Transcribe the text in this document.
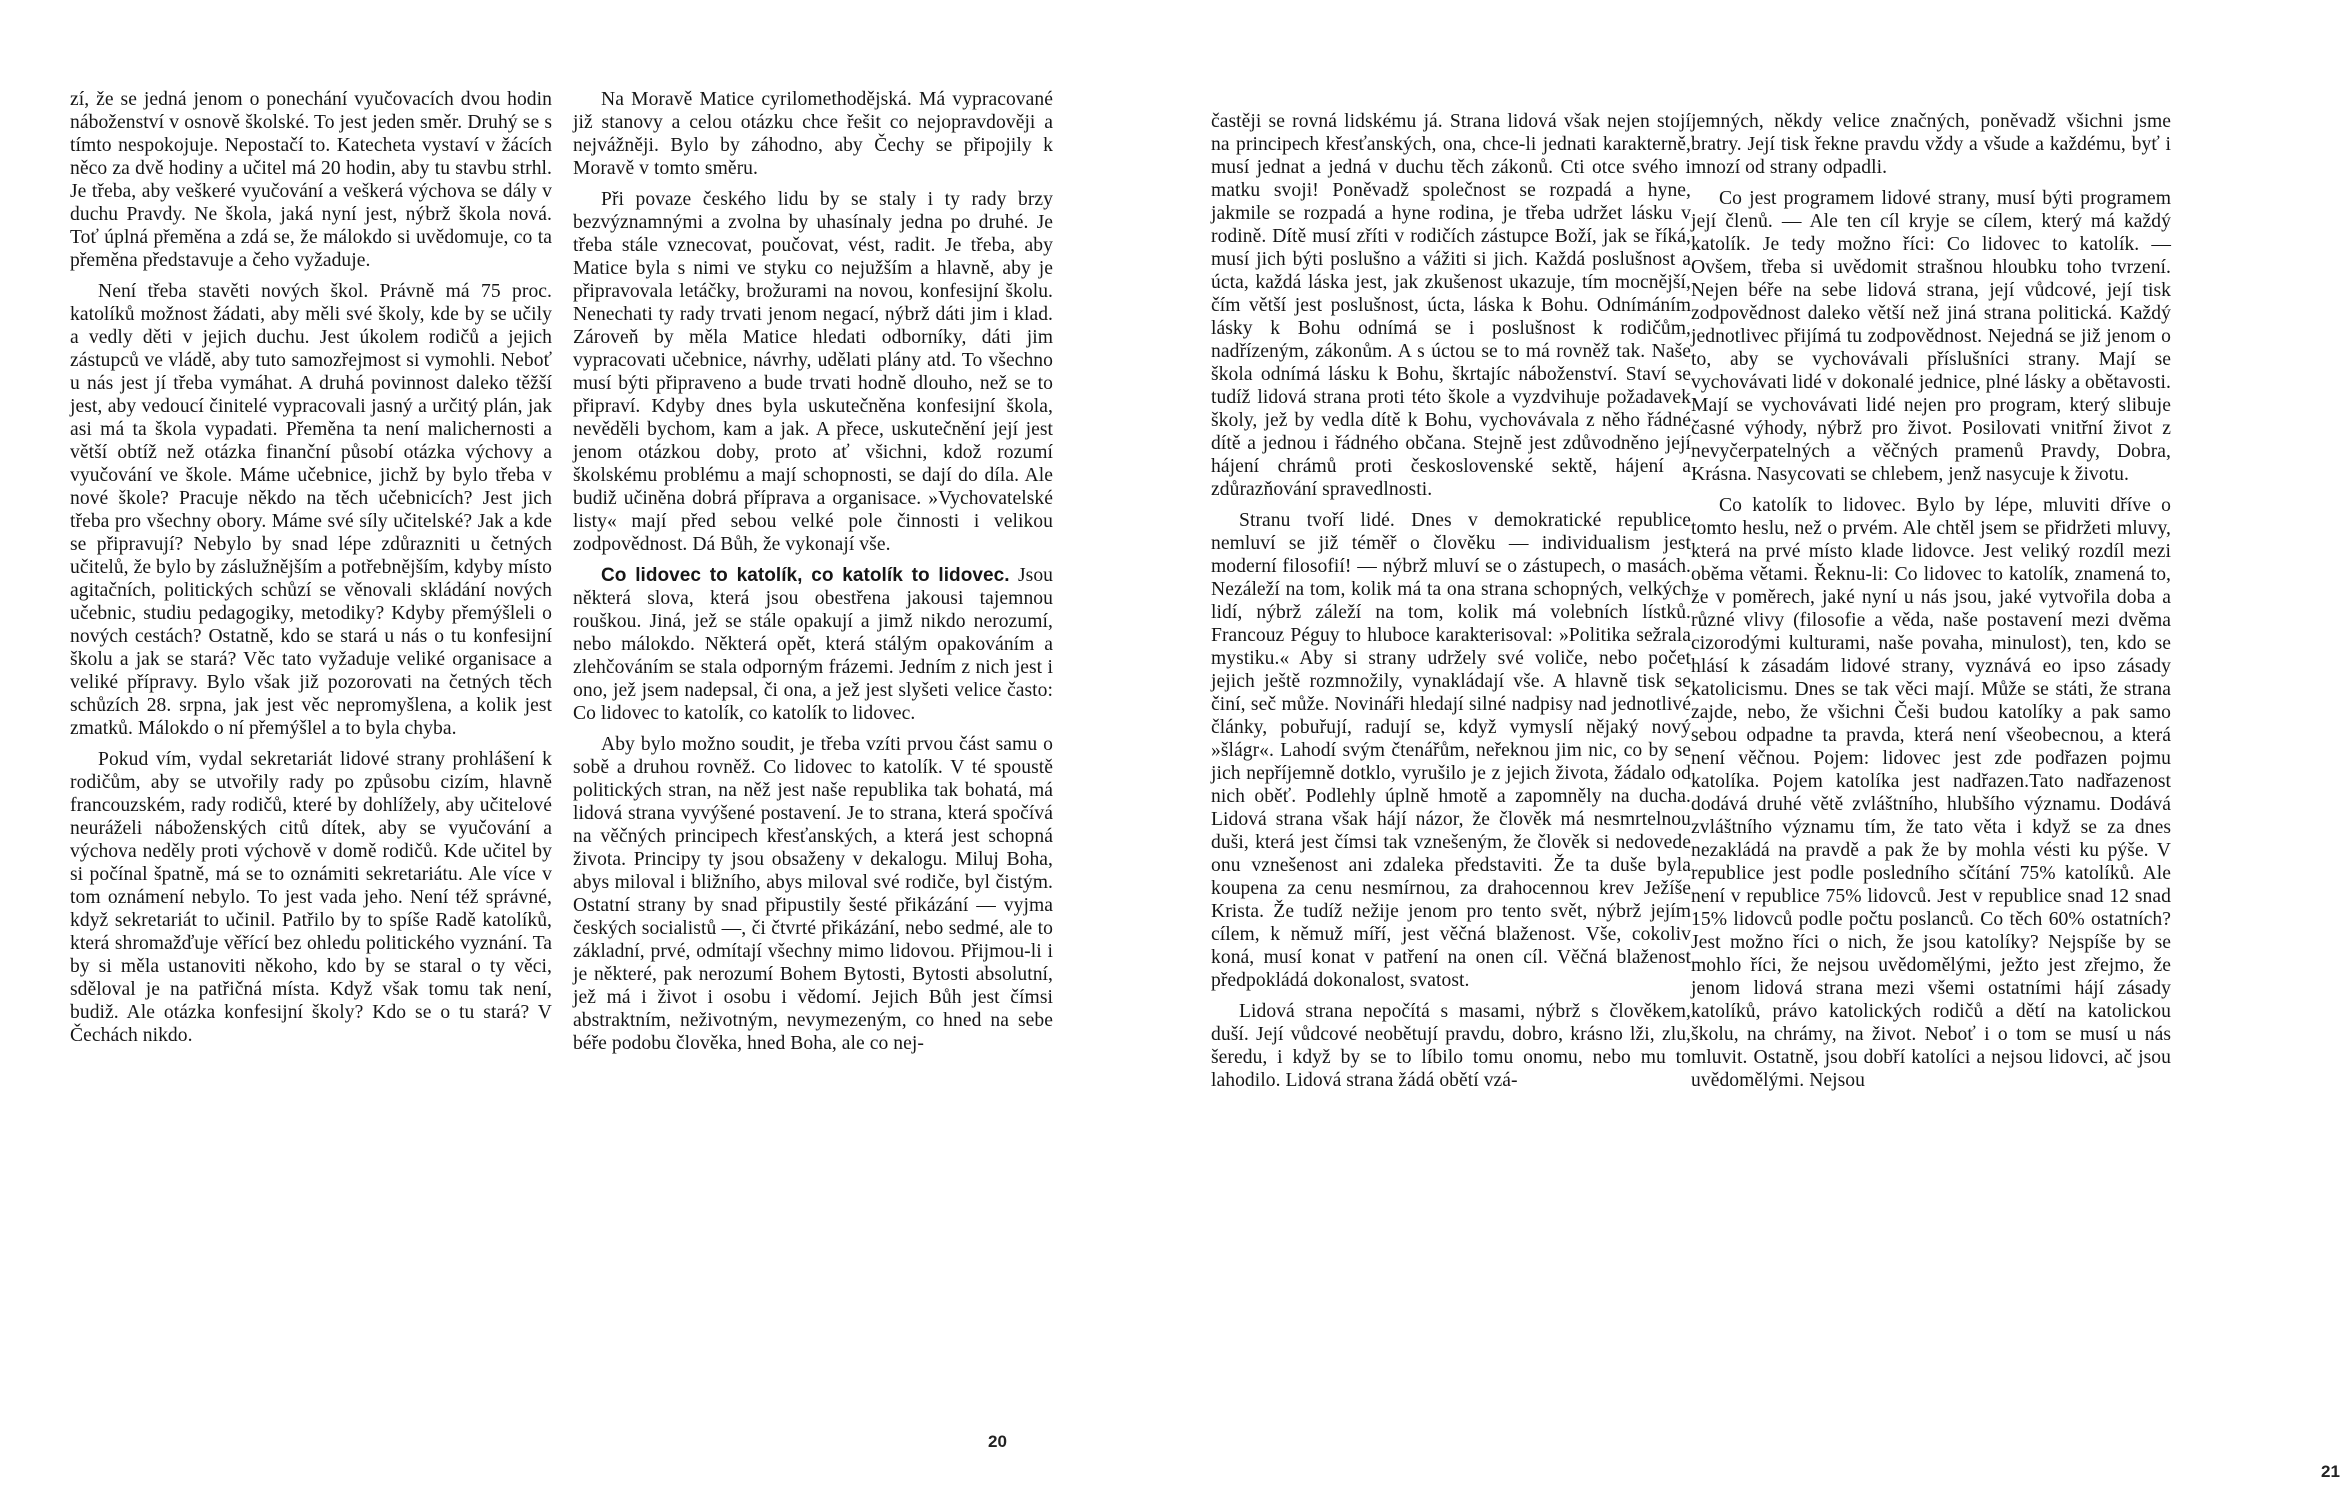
zí, že se jedná jenom o ponechání vyučovacích dvou hodin náboženství v osnově školské. To jest jeden směr. Druhý se s tímto nespokojuje. Nepostačí to. Katecheta vystaví v žácích něco za dvě hodiny a učitel má 20 hodin, aby tu stavbu strhl. Je třeba, aby veškeré vyučování a veškerá výchova se dály v duchu Pravdy. Ne škola, jaká nyní jest, nýbrž škola nová. Toť úplná přeměna a zdá se, že málokdo si uvědomuje, co ta přeměna představuje a čeho vyžaduje.

Není třeba stavěti nových škol. Právně má 75 proc. katolíků možnost žádati, aby měli své školy, kde by se učily a vedly děti v jejich duchu. Jest úkolem rodičů a jejich zástupců ve vládě, aby tuto samozřejmost si vymohli. Neboť u nás jest jí třeba vymáhat. A druhá povinnost daleko těžší jest, aby vedoucí činitelé vypracovali jasný a určitý plán, jak asi má ta škola vypadati. Přeměna ta není malichernosti a větší obtíž než otázka finanční působí otázka výchovy a vyučování ve škole. Máme učebnice, jichž by bylo třeba v nové škole? Pracuje někdo na těch učebnicích? Jest jich třeba pro všechny obory. Máme své síly učitelské? Jak a kde se připravují? Nebylo by snad lépe zdůrazniti u četných učitelů, že bylo by záslužnějším a potřebnějším, kdyby místo agitačních, politických schůzí se věnovali skládání nových učebnic, studiu pedagogiky, metodiky? Kdyby přemýšleli o nových cestách? Ostatně, kdo se stará u nás o tu konfesijní školu a jak se stará? Věc tato vyžaduje veliké organisace a veliké přípravy. Bylo však již pozorovati na četných těch schůzích 28. srpna, jak jest věc nepromyšlena, a kolik jest zmatků. Málokdo o ní přemýšlel a to byla chyba.

Pokud vím, vydal sekretariát lidové strany prohlášení k rodičům, aby se utvořily rady po způsobu cizím, hlavně francouzském, rady rodičů, které by dohlížely, aby učitelové neuráželi náboženských citů dítek, aby se vyučování a výchova neděly proti výchově v domě rodičů. Kde učitel by si počínal špatně, má se to oznámiti sekretariátu. Ale více v tom oznámení nebylo. To jest vada jeho. Není též správné, když sekretariát to učinil. Patřilo by to spíše Radě katolíků, která shromažďuje věřící bez ohledu politického vyznání. Ta by si měla ustanoviti někoho, kdo by se staral o ty věci, sděloval je na patřičná místa. Když však tomu tak není, budiž. Ale otázka konfesijní školy? Kdo se o tu stará? V Čechách nikdo.

Na Moravě Matice cyrilomethodějská. Má vypracované již stanovy a celou otázku chce řešit co nejopravdověji a nejvážněji. Bylo by záhodno, aby Čechy se připojily k Moravě v tomto směru.

Při povaze českého lidu by se staly i ty rady brzy bezvýznamnými a zvolna by uhasínaly jedna po druhé. Je třeba stále vznecovat, poučovat, vést, radit. Je třeba, aby Matice byla s nimi ve styku co nejužším a hlavně, aby je připravovala letáčky, brožurami na novou, konfesijní školu. Nenechati ty rady trvati jenom negací, nýbrž dáti jim i klad. Zároveň by měla Matice hledati odborníky, dáti jim vypracovati učebnice, návrhy, udělati plány atd. To všechno musí býti připraveno a bude trvati hodně dlouho, než se to připraví. Kdyby dnes byla uskutečněna konfesijní škola, nevěděli bychom, kam a jak. A přece, uskutečnění její jest jenom otázkou doby, proto ať všichni, kdož rozumí školskému problému a mají schopnosti, se dají do díla. Ale budiž učiněna dobrá příprava a organisace. »Vychovatelské listy« mají před sebou velké pole činnosti i velikou zodpovědnost. Dá Bůh, že vykonají vše.

Co lidovec to katolík, co katolík to lidovec. Jsou některá slova, která jsou obestřena jakousi tajemnou rouškou. Jiná, jež se stále opakují a jimž nikdo nerozumí, nebo málokdo. Některá opět, která stálým opakováním a zlehčováním se stala odporným frázemi. Jedním z nich jest i ono, jež jsem nadepsal, či ona, a jež jest slyšeti velice často: Co lidovec to katolík, co katolík to lidovec.

Aby bylo možno soudit, je třeba vzíti prvou část samu o sobě a druhou rovněž. Co lidovec to katolík. V té spoustě politických stran, na něž jest naše republika tak bohatá, má lidová strana vyvýšené postavení. Je to strana, která spočívá na věčných principech křesťanských, a která jest schopná života. Principy ty jsou obsaženy v dekalogu. Miluj Boha, abys miloval i bližního, abys miloval své rodiče, byl čistým. Ostatní strany by snad připustily šesté přikázání — vyjma českých socialistů —, či čtvrté přikázání, nebo sedmé, ale to základní, prvé, odmítají všechny mimo lidovou. Přijmou-li i je některé, pak nerozumí Bohem Bytosti, Bytosti absolutní, jež má i život i osobu i vědomí. Jejich Bůh jest čímsi abstraktním, neživotným, nevymezeným, co hned na sebe béře podobu člověka, hned Boha, ale co nej-

20

častěji se rovná lidskému já. Strana lidová však nejen stojí na principech křesťanských, ona, chce-li jednati karakterně, musí jednat a jedná v duchu těch zákonů. Cti otce svého i matku svoji! Poněvadž společnost se rozpadá a hyne, jakmile se rozpadá a hyne rodina, je třeba udržet lásku v rodině. Dítě musí zříti v rodičích zástupce Boží, jak se říká, musí jich býti poslušno a vážiti si jich. Každá poslušnost a úcta, každá láska jest, jak zkušenost ukazuje, tím mocnější, čím větší jest poslušnost, úcta, láska k Bohu. Odnímáním lásky k Bohu odnímá se i poslušnost k rodičům, nadřízeným, zákonům. A s úctou se to má rovněž tak. Naše škola odnímá lásku k Bohu, škrtajíc náboženství. Staví se tudíž lidová strana proti této škole a vyzdvihuje požadavek školy, jež by vedla dítě k Bohu, vychovávala z něho řádné dítě a jednou i řádného občana. Stejně jest zdůvodněno její hájení chrámů proti československé sektě, hájení a zdůrazňování spravedlnosti.

Stranu tvoří lidé. Dnes v demokratické republice nemluví se již téměř o člověku — individualism jest moderní filosofií! — nýbrž mluví se o zástupech, o masách. Nezáleží na tom, kolik má ta ona strana schopných, velkých lidí, nýbrž záleží na tom, kolik má volebních lístků. Francouz Péguy to hluboce karakterisoval: »Politika sežrala mystiku.« Aby si strany udržely své voliče, nebo počet jejich ještě rozmnožily, vynakládají vše. A hlavně tisk se činí, seč může. Novináři hledají silné nadpisy nad jednotlivé články, pobuřují, radují se, když vymyslí nějaký nový »šlágr«. Lahodí svým čtenářům, neřeknou jim nic, co by se jich nepříjemně dotklo, vyrušilo je z jejich života, žádalo od nich oběť. Podlehly úplně hmotě a zapomněly na ducha. Lidová strana však hájí názor, že člověk má nesmrtelnou duši, která jest čímsi tak vznešeným, že člověk si nedovede onu vznešenost ani zdaleka představiti. Že ta duše byla koupena za cenu nesmírnou, za drahocennou krev Ježíše Krista. Že tudíž nežije jenom pro tento svět, nýbrž jejím cílem, k němuž míří, jest věčná blaženost. Vše, cokoliv koná, musí konat v patření na onen cíl. Věčná blaženost předpokládá dokonalost, svatost.

Lidová strana nepočítá s masami, nýbrž s člověkem, duší. Její vůdcové neobětují pravdu, dobro, krásno lži, zlu, šeredu, i když by se to líbilo tomu onomu, nebo mu to lahodilo. Lidová strana žádá obětí vzá-

jemných, někdy velice značných, poněvadž všichni jsme bratry. Její tisk řekne pravdu vždy a všude a každému, byť i mnozí od strany odpadli.

Co jest programem lidové strany, musí býti programem její členů. — Ale ten cíl kryje se cílem, který má každý katolík. Je tedy možno říci: Co lidovec to katolík. — Ovšem, třeba si uvědomit strašnou hloubku toho tvrzení. Nejen béře na sebe lidová strana, její vůdcové, její tisk zodpovědnost daleko větší než jiná strana politická. Každý jednotlivec přijímá tu zodpovědnost. Nejedná se již jenom o to, aby se vychovávali příslušníci strany. Mají se vychovávati lidé v dokonalé jednice, plné lásky a obětavosti. Mají se vychovávati lidé nejen pro program, který slibuje časné výhody, nýbrž pro život. Posilovati vnitřní život z nevyčerpatelných a věčných pramenů Pravdy, Dobra, Krásna. Nasycovati se chlebem, jenž nasycuje k životu.

Co katolík to lidovec. Bylo by lépe, mluviti dříve o tomto heslu, než o prvém. Ale chtěl jsem se přidržeti mluvy, která na prvé místo klade lidovce. Jest veliký rozdíl mezi oběma větami. Řeknu-li: Co lidovec to katolík, znamená to, že v poměrech, jaké nyní u nás jsou, jaké vytvořila doba a různé vlivy (filosofie a věda, naše postavení mezi dvěma cizorodými kulturami, naše povaha, minulost), ten, kdo se hlásí k zásadám lidové strany, vyznává eo ipso zásady katolicismu. Dnes se tak věci mají. Může se státi, že strana zajde, nebo, že všichni Češi budou katolíky a pak samo sebou odpadne ta pravda, která není všeobecnou, a která není věčnou. Pojem: lidovec jest zde podřazen pojmu katolíka. Pojem katolíka jest nadřazen.Tato nadřazenost dodává druhé větě zvláštního, hlubšího významu. Dodává zvláštního významu tím, že tato věta i když se za dnes nezakládá na pravdě a pak že by mohla vésti ku pýše. V republice jest podle posledního sčítání 75% katolíků. Ale není v republice 75% lidovců. Jest v republice snad 12 snad 15% lidovců podle počtu poslanců. Co těch 60% ostatních? Jest možno říci o nich, že jsou katolíky? Nejspíše by se mohlo říci, že nejsou uvědomělými, ježto jest zřejmo, že jenom lidová strana mezi všemi ostatními hájí zásady katolíků, právo katolických rodičů a dětí na katolickou školu, na chrámy, na život. Neboť i o tom se musí u nás mluvit. Ostatně, jsou dobří katolíci a nejsou lidovci, ač jsou uvědomělými. Nejsou

21
